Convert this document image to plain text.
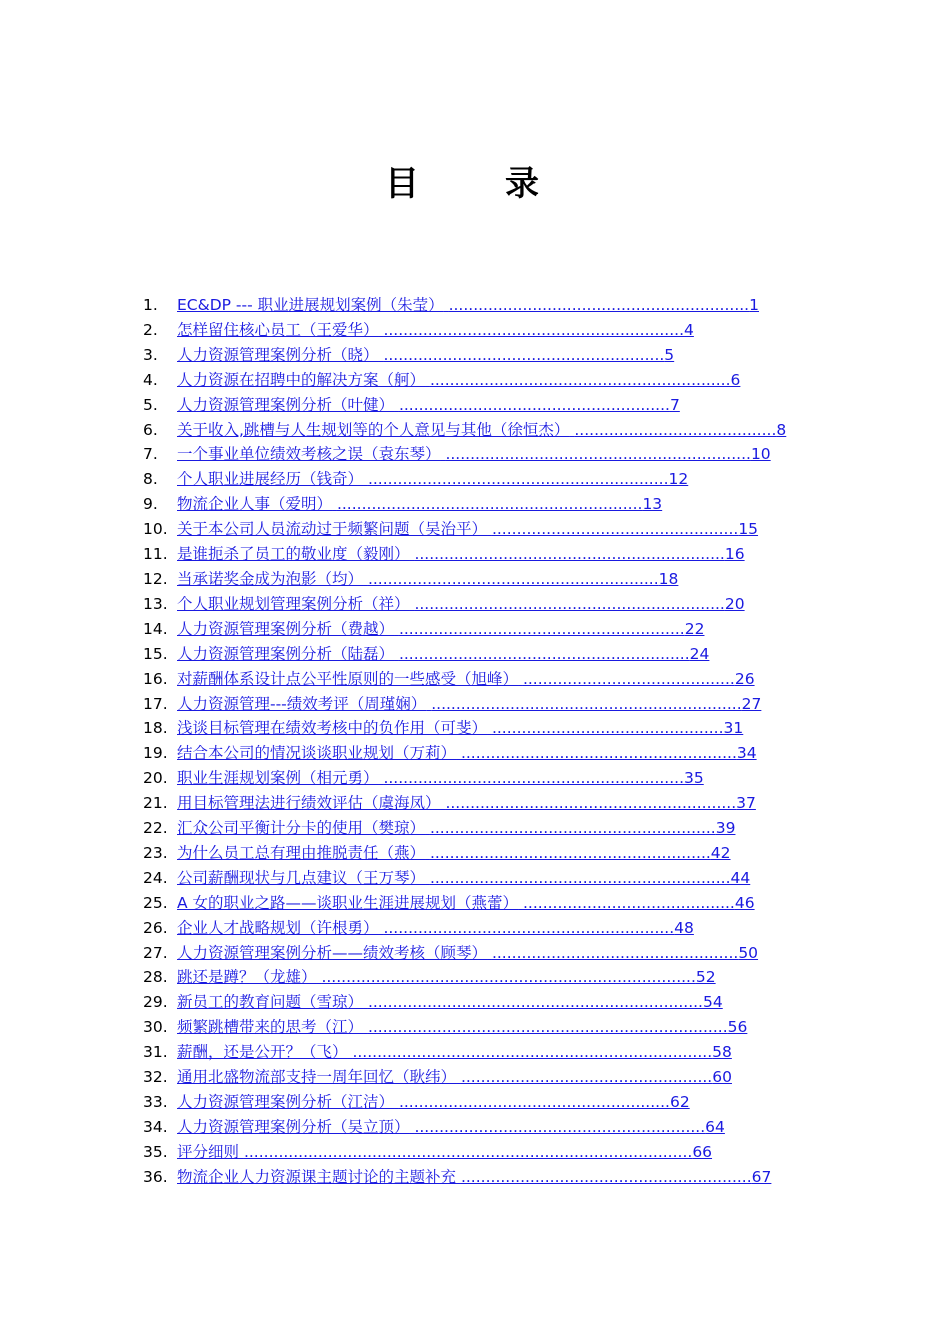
目　录
1. EC&DP --- 职业进展规划案例（朱莹） .............................................................1
2. 怎样留住核心员工（王爱华） .............................................................4
3. 人力资源管理案例分析（晓） .........................................................5
4. 人力资源在招聘中的解决方案（舸） .............................................................6
5. 人力资源管理案例分析（叶健） .......................................................7
6. 关于收入,跳槽与人生规划等的个人意见与其他（徐恒杰） .........................................8
7. 一个事业单位绩效考核之误（袁东琴） ..............................................................10
8. 个人职业进展经历（钱奇） .............................................................12
9. 物流企业人事（爱明） ..............................................................13
10. 关于本公司人员流动过于频繁问题（吴治平） ..................................................15
11. 是谁扼杀了员工的敬业度（毅刚） ...............................................................16
12. 当承诺奖金成为泡影（均） ...........................................................18
13. 个人职业规划管理案例分析（祥） ...............................................................20
14. 人力资源管理案例分析（费越） ..........................................................22
15. 人力资源管理案例分析（陆磊） ...........................................................24
16. 对薪酬体系设计点公平性原则的一些感受（旭峰） ...........................................26
17. 人力资源管理---绩效考评（周瑾娴） ...............................................................27
18. 浅谈目标管理在绩效考核中的负作用（可斐） ...............................................31
19. 结合本公司的情况谈谈职业规划（万莉） ........................................................34
20. 职业生涯规划案例（相元勇） .............................................................35
21. 用目标管理法进行绩效评估（虞海凤） ...........................................................37
22. 汇众公司平衡计分卡的使用（樊琼） ..........................................................39
23. 为什么员工总有理由推脱责任（燕） .........................................................42
24. 公司薪酬现状与几点建议（王万琴） .............................................................44
25. A 女的职业之路——谈职业生涯进展规划（燕蕾） ...........................................46
26. 企业人才战略规划（许根勇） ...........................................................48
27. 人力资源管理案例分析——绩效考核（顾琴） ..................................................50
28. 跳还是蹲？（龙雄） ............................................................................52
29. 新员工的教育问题（雪琼） ....................................................................54
30. 频繁跳槽带来的思考（江） .........................................................................56
31. 薪酬，还是公开？（飞） .........................................................................58
32. 通用北盛物流部支持一周年回忆（耿纬） ...................................................60
33. 人力资源管理案例分析（江洁） .......................................................62
34. 人力资源管理案例分析（吴立顶） ...........................................................64
35. 评分细则 ...........................................................................................66
36. 物流企业人力资源课主题讨论的主题补充 ...........................................................67
